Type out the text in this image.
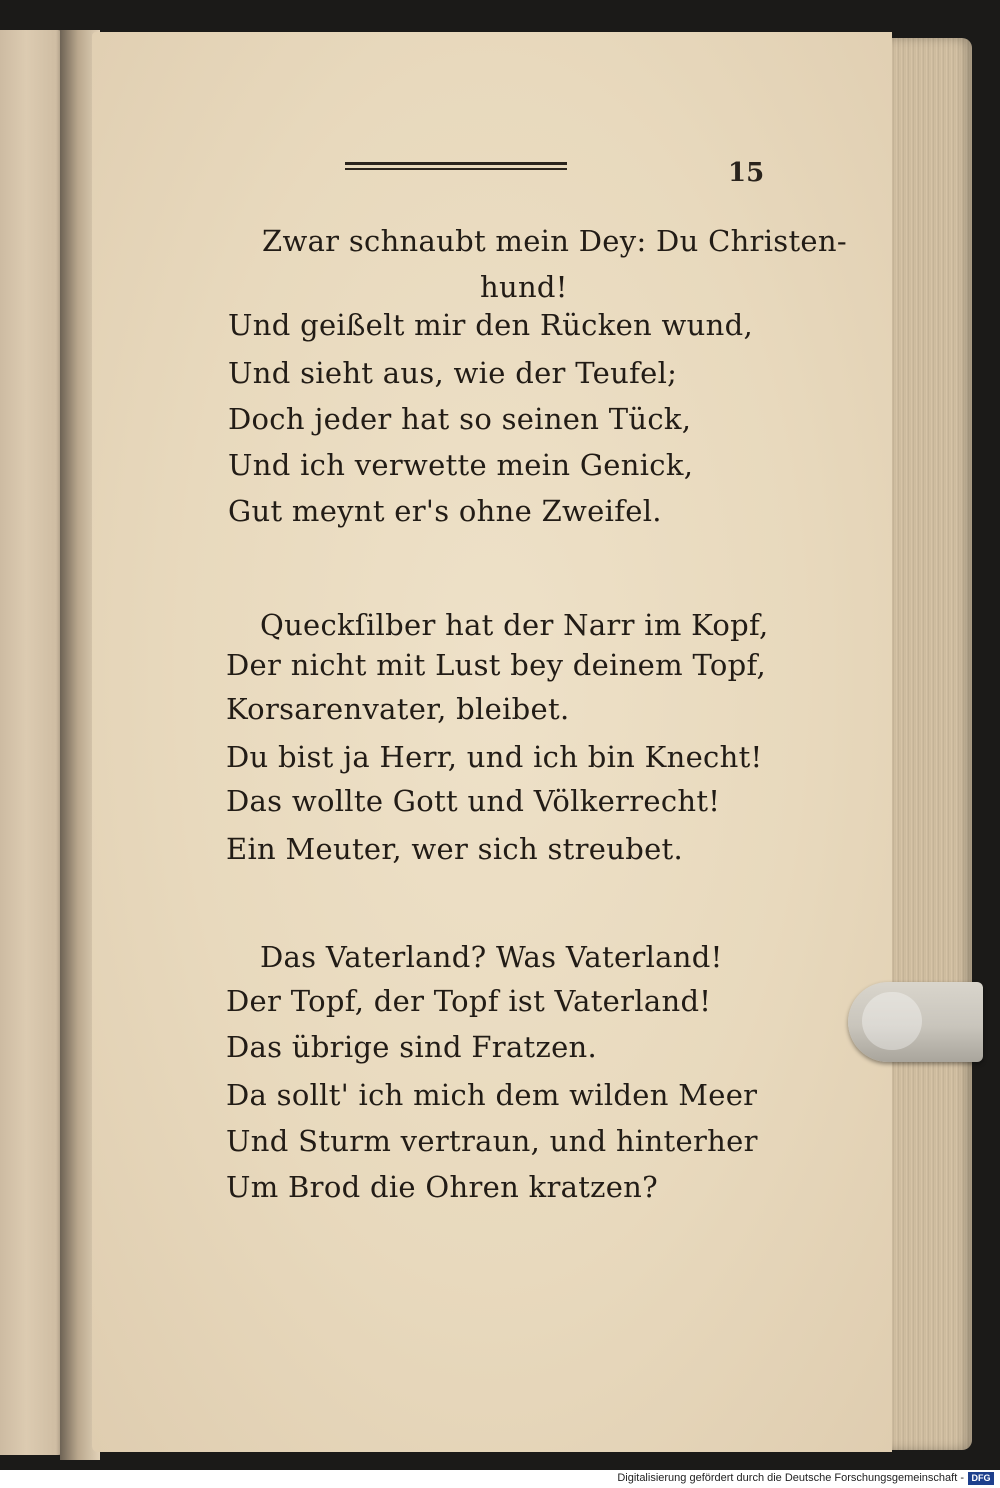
15
Zwar schnaubt mein Dey: Du Christen-
hund!
Und geißelt mir den Rücken wund,
Und sieht aus, wie der Teufel;
Doch jeder hat so seinen Tück,
Und ich verwette mein Genick,
Gut meynt er's ohne Zweifel.
Queckſilber hat der Narr im Kopf,
Der nicht mit Lust bey deinem Topf,
Korsarenvater, bleibet.
Du bist ja Herr, und ich bin Knecht!
Das wollte Gott und Völkerrecht!
Ein Meuter, wer sich streubet.
Das Vaterland? Was Vaterland!
Der Topf, der Topf ist Vaterland!
Das übrige sind Fratzen.
Da sollt' ich mich dem wilden Meer
Und Sturm vertraun, und hinterher
Um Brod die Ohren kratzen?
Digitalisierung gefördert durch die Deutsche Forschungsgemeinschaft - DFG
